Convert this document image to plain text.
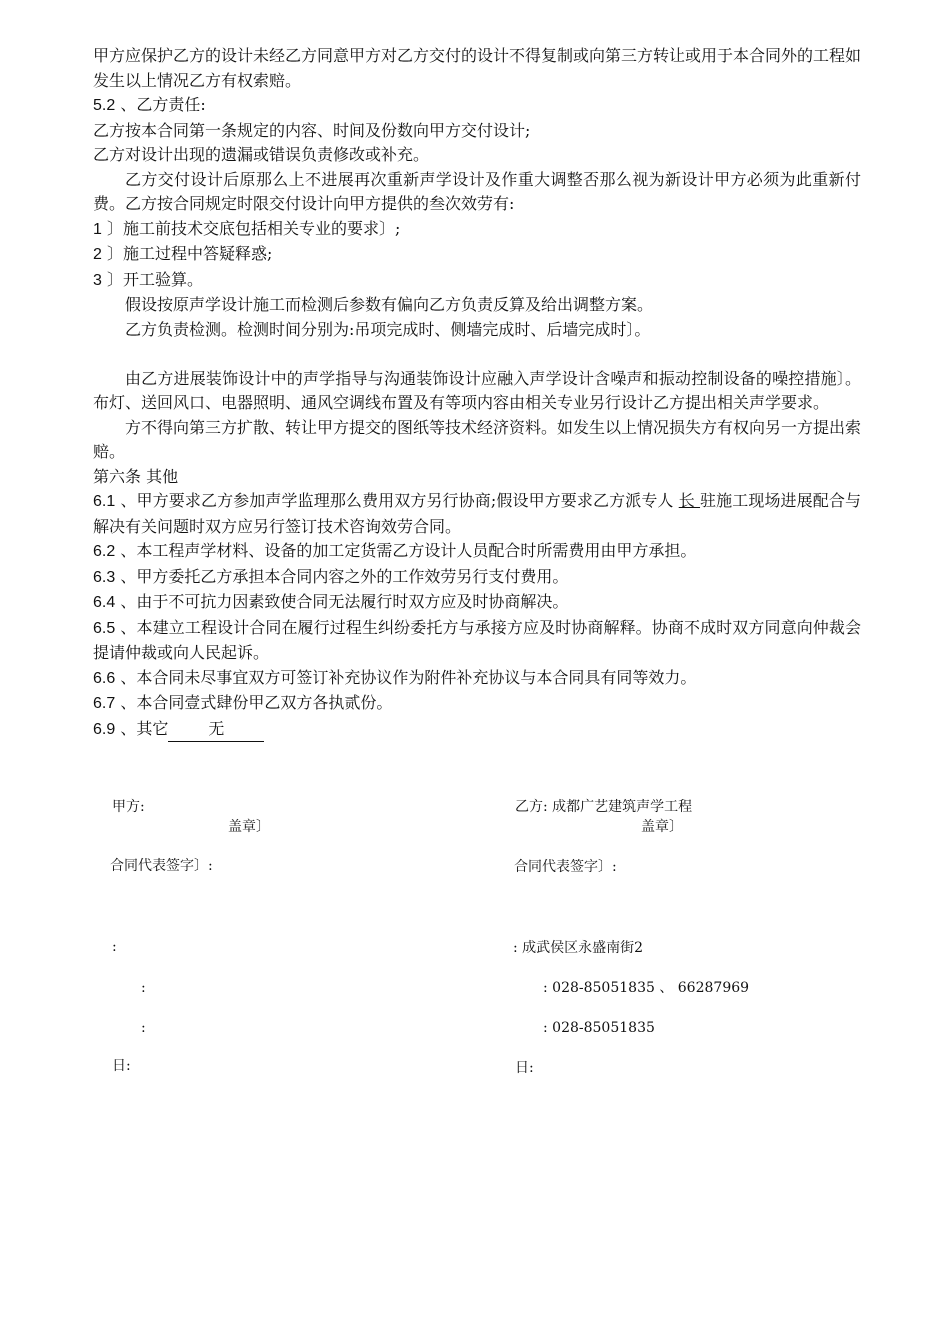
甲方应保护乙方的设计未经乙方同意甲方对乙方交付的设计不得复制或向第三方转让或用于本合同外的工程如发生以上情况乙方有权索赔。

5.2 、乙方责任:

乙方按本合同第一条规定的内容、时间及份数向甲方交付设计;

乙方对设计出现的遗漏或错误负责修改或补充。

乙方交付设计后原那么上不进展再次重新声学设计及作重大调整否那么视为新设计甲方必须为此重新付费。乙方按合同规定时限交付设计向甲方提供的叁次效劳有:

1 〕施工前技术交底包括相关专业的要求〕;

2 〕施工过程中答疑释惑;

3 〕开工验算。

假设按原声学设计施工而检测后参数有偏向乙方负责反算及给出调整方案。

乙方负责检测。检测时间分别为:吊项完成时、侧墙完成时、后墙完成时〕。

由乙方进展装饰设计中的声学指导与沟通装饰设计应融入声学设计含噪声和振动控制设备的噪控措施〕。布灯、送回风口、电器照明、通风空调线布置及有等项内容由相关专业另行设计乙方提出相关声学要求。

方不得向第三方扩散、转让甲方提交的图纸等技术经济资料。如发生以上情况损失方有权向另一方提出索赔。

第六条 其他

6.1 、甲方要求乙方参加声学监理那么费用双方另行协商;假设甲方要求乙方派专人 长 驻施工现场进展配合与解决有关问题时双方应另行签订技术咨询效劳合同。

6.2 、本工程声学材料、设备的加工定货需乙方设计人员配合时所需费用由甲方承担。

6.3 、甲方委托乙方承担本合同内容之外的工作效劳另行支付费用。

6.4 、由于不可抗力因素致使合同无法履行时双方应及时协商解决。

6.5 、本建立工程设计合同在履行过程生纠纷委托方与承接方应及时协商解释。协商不成时双方同意向仲裁会提请仲裁或向人民起诉。

6.6 、本合同未尽事宜双方可签订补充协议作为附件补充协议与本合同具有同等效力。

6.7 、本合同壹式肆份甲乙双方各执贰份。

6.9 、其它 无

甲方:
盖章〕
合同代表签字〕:
:
:
:
日:
乙方: 成都广艺建筑声学工程
盖章〕
合同代表签字〕:
: 成武侯区永盛南街2
: 028-85051835 、 66287969
: 028-85051835
日:
